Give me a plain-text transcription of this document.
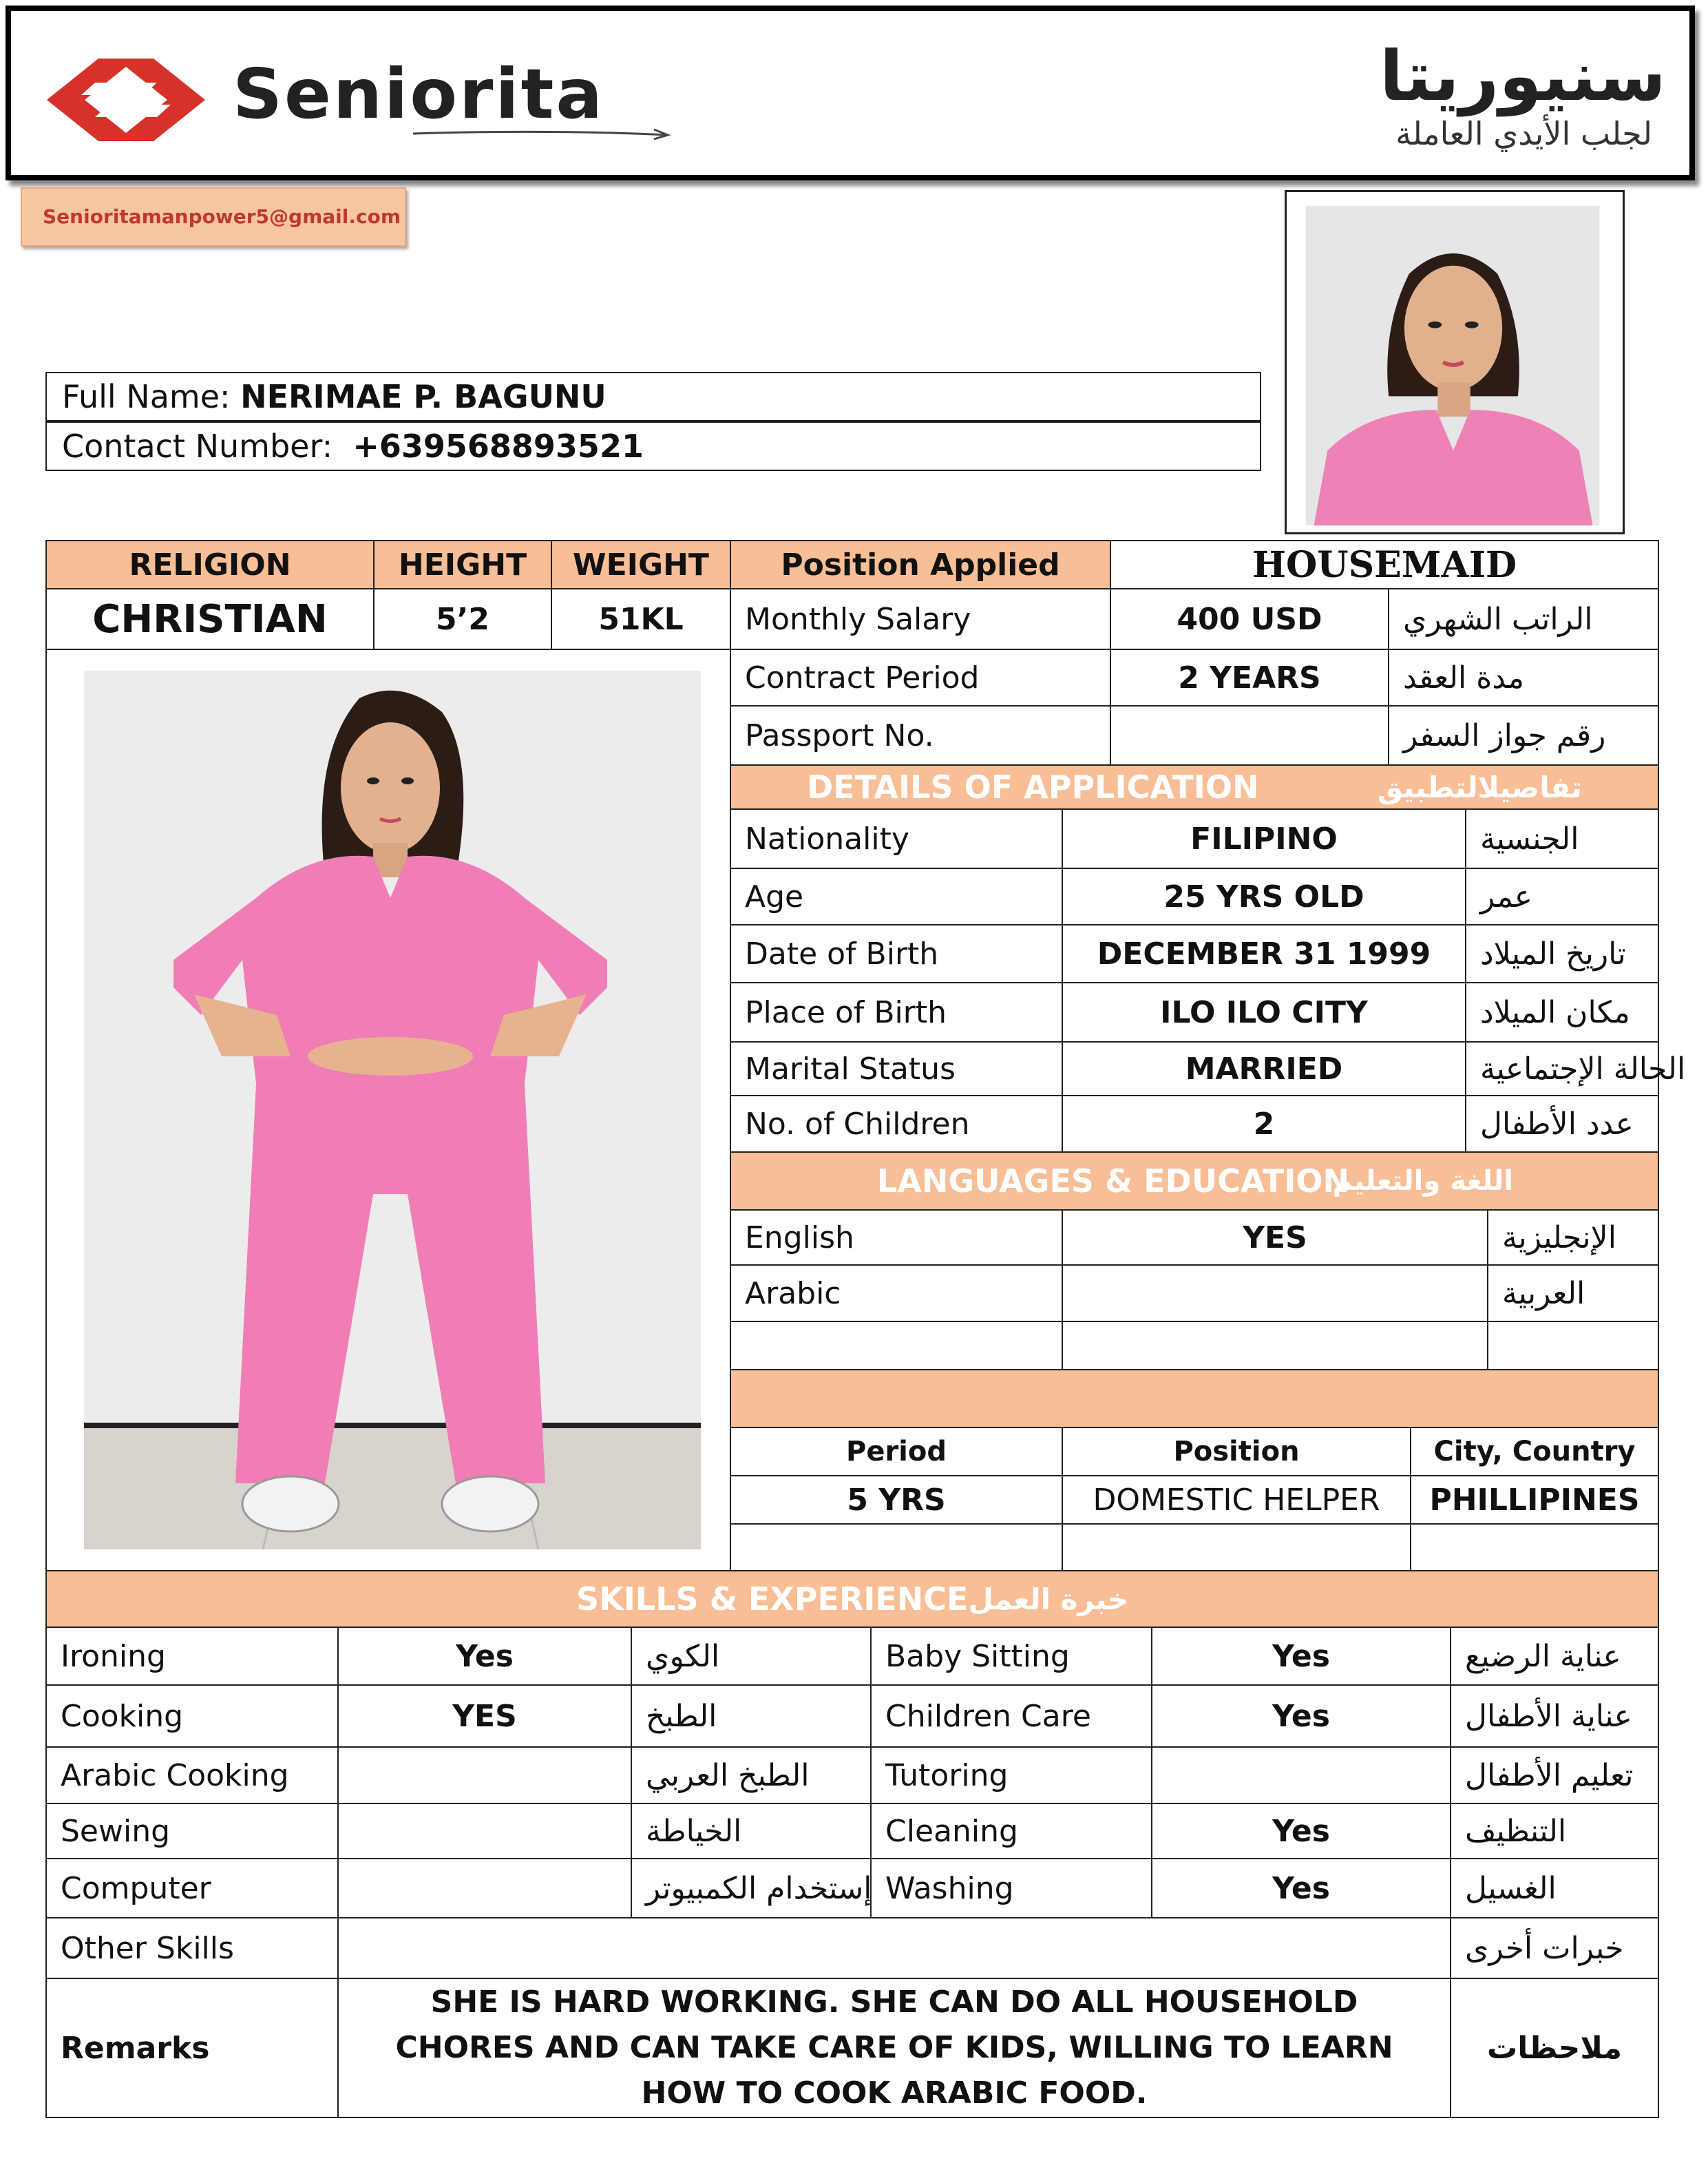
Seniorita	سنيوريتا
لجلب الأيدي العاملة
Senioritamanpower5@gmail.com
Full Name: NERIMAE P. BAGUNU
Contact Number: +639568893521
RELIGION	HEIGHT	WEIGHT	Position Applied	HOUSEMAID
CHRISTIAN	5’2	51KL	Monthly Salary	400 USD	الراتب الشهري
Contract Period	2 YEARS	مدة العقد
Passport No.	رقم جواز السفر
DETAILS OF APPLICATION	تفاصيلالتطبيق
Nationality	FILIPINO	الجنسية
Age	25 YRS OLD	عمر
Date of Birth	DECEMBER 31 1999	تاريخ الميلاد
Place of Birth	ILO ILO CITY	مكان الميلاد
Marital Status	MARRIED	الحالة الإجتماعية
No. of Children	2	عدد الأطفال
LANGUAGES & EDUCATION
اللغة والتعليم
English	YES	الإنجليزية
Arabic	العربية
Period	Position	City, Country
5 YRS	DOMESTIC HELPER	PHILLIPINES
SKILLS & EXPERIENCE خبرة العمل
Ironing	Yes	الكوي	Baby Sitting	Yes	عناية الرضيع
Cooking	YES	الطبخ	Children Care	Yes	عناية الأطفال
Arabic Cooking	الطبخ العربي	Tutoring	تعليم الأطفال
Sewing	الخياطة	Cleaning	Yes	التنظيف
Computer	إستخدام الكمبيوتر Washing	Yes	الغسيل
Other Skills	خبرات أخرى
Remarks
SHE IS HARD WORKING. SHE CAN DO ALL HOUSEHOLD CHORES AND CAN TAKE CARE OF KIDS, WILLING TO LEARN HOW TO COOK ARABIC FOOD.
ملاحظات
